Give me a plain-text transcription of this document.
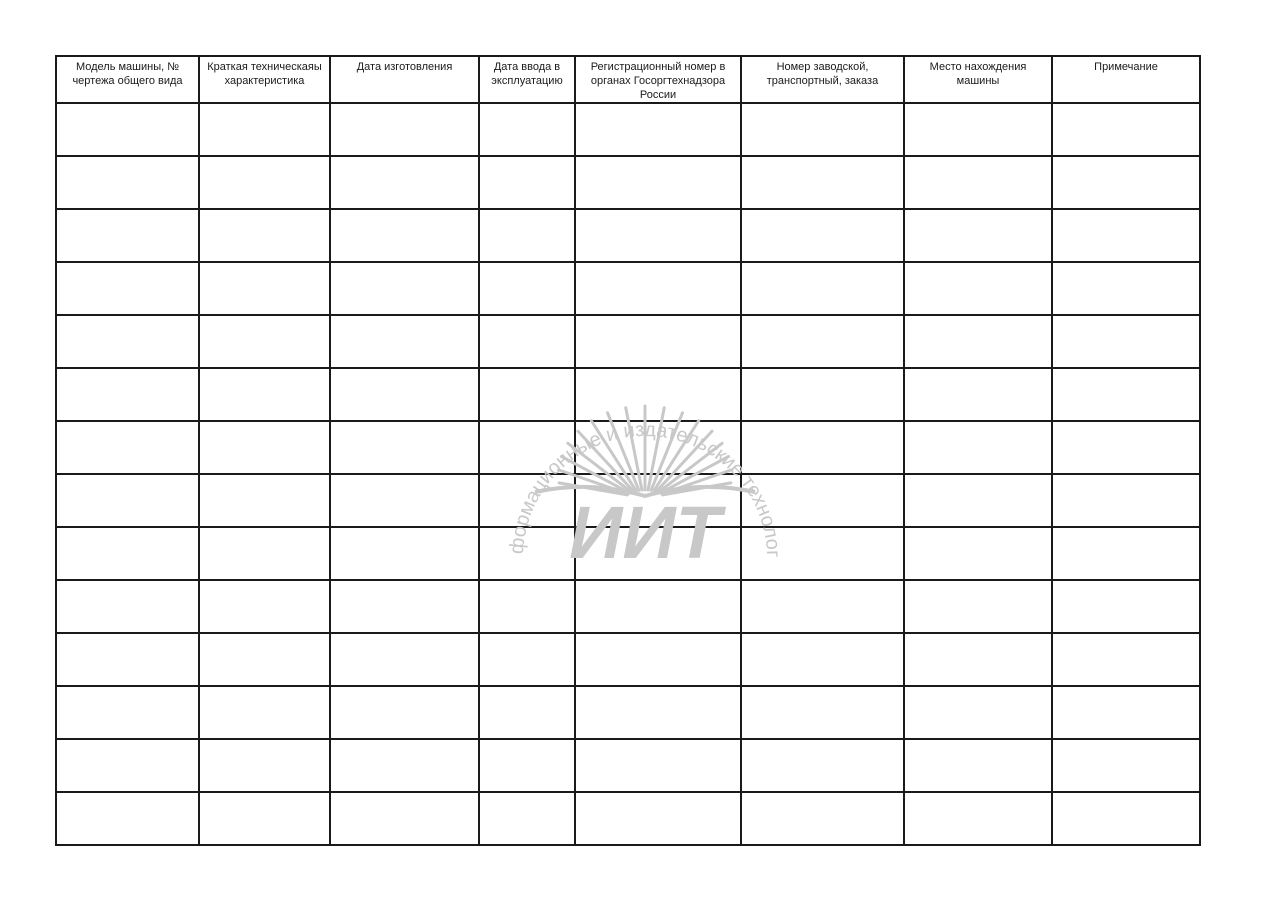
Модель машины, № чертежа общего вида	Краткая техническаяы характеристика	Дата изготовления	Дата ввода в эксплуатацию	Регистрационный номер в органах Госоргтехнадзора России	Номер заводской, транспортный, заказа	Место нахождения машины	Примечание

формационные и издательские технолог
ИИТ
